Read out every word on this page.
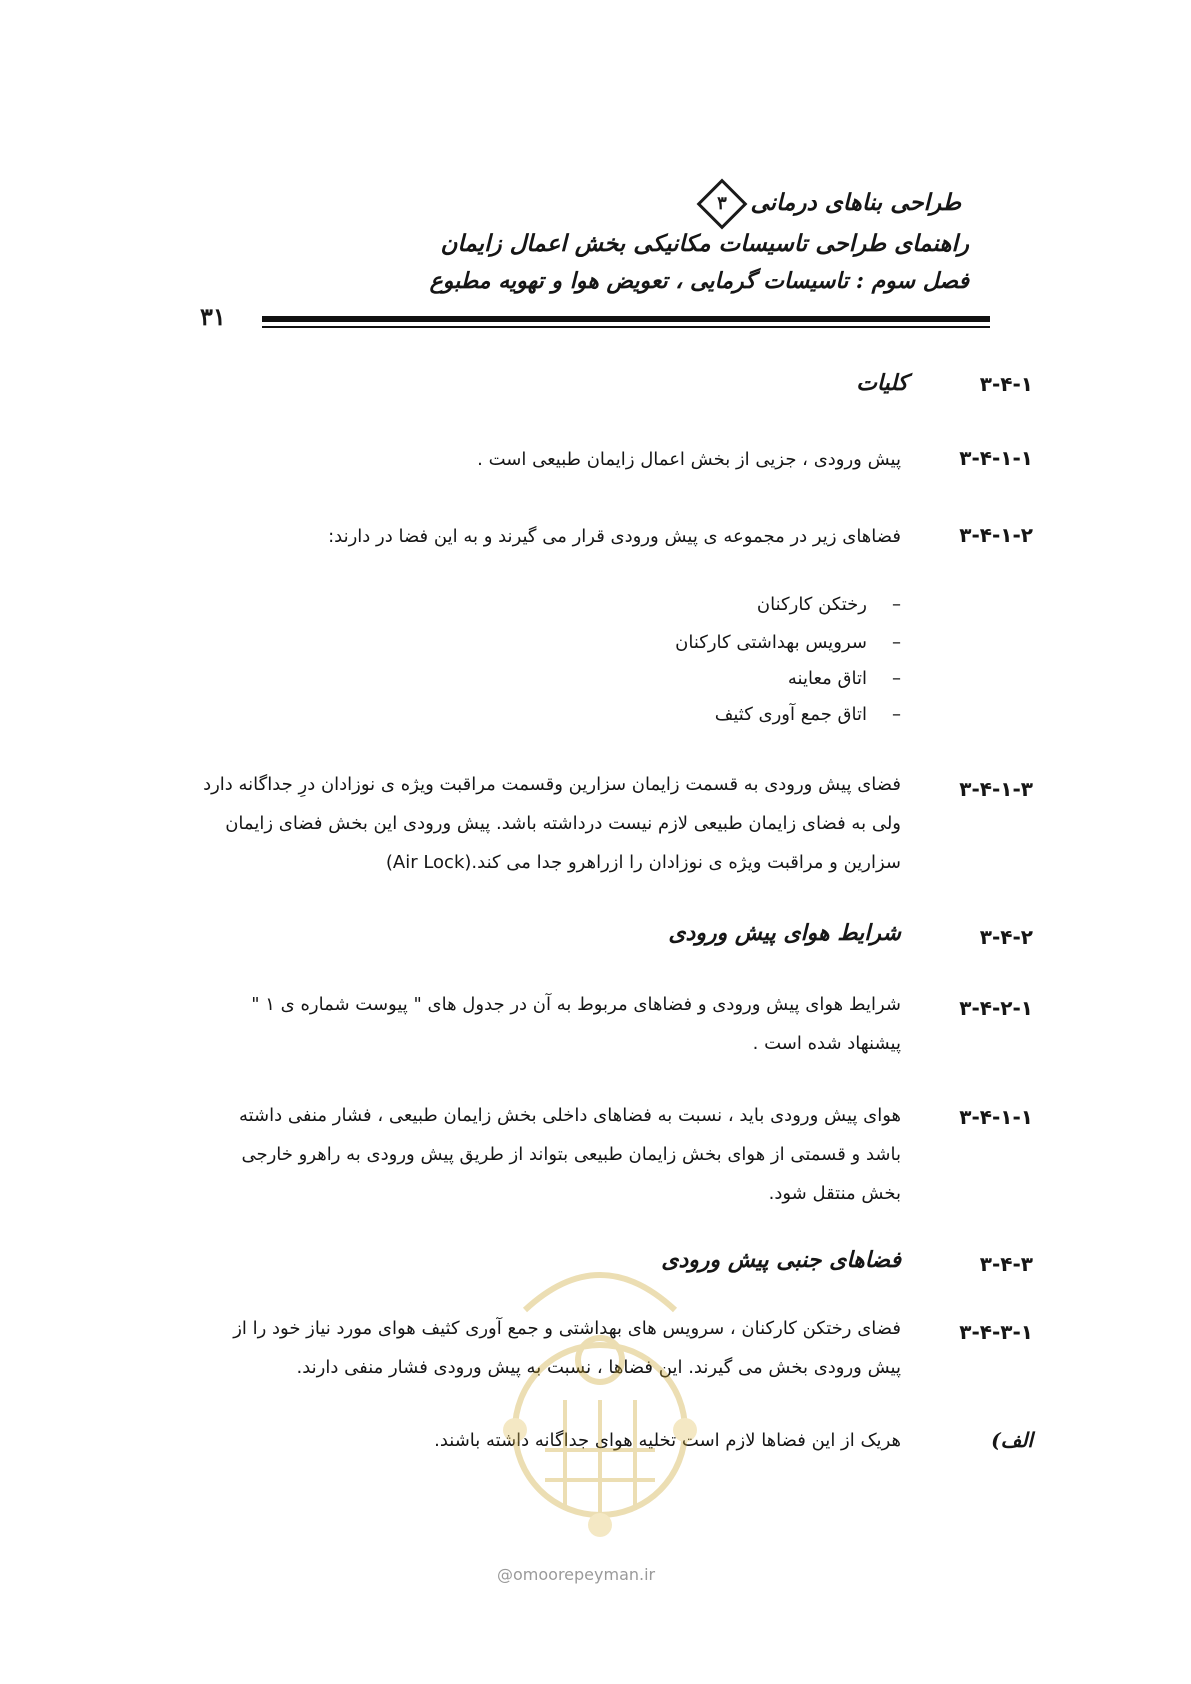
طراحی بناهای درمانی
۳
راهنمای طراحی تاسیسات مکانیکی بخش اعمال زایمان
فصل سوم : تاسیسات گرمایی ، تعویض هوا و تهویه مطبوع
۳۱
۳-۴-۱
کلیات
۳-۴-۱-۱
پیش ورودی ، جزیی از بخش اعمال زایمان طبیعی است .
۳-۴-۱-۲
فضاهای زیر در مجموعه ی پیش ورودی قرار می گیرند و به این فضا در دارند:
–رختکن کارکنان
–سرویس بهداشتی کارکنان
–اتاق معاینه
–اتاق جمع آوری کثیف
۳-۴-۱-۳
فضای پیش ورودی به قسمت زایمان سزارین وقسمت مراقبت ویژه ی نوزادان درِ جداگانه دارد ولی به فضای زایمان طبیعی لازم نیست درداشته باشد. پیش ورودی این بخش فضای زایمان سزارین و مراقبت ویژه ی نوزادان را ازراهرو جدا می کند.(Air Lock)
۳-۴-۲
شرایط هوای پیش ورودی
۳-۴-۲-۱
شرایط هوای پیش ورودی و فضاهای مربوط به آن در جدول های " پیوست شماره ی ۱ " پیشنهاد شده است .
۳-۴-۱-۱
هوای پیش ورودی باید ، نسبت به فضاهای داخلی بخش زایمان طبیعی ، فشار منفی داشته باشد و قسمتی از هوای بخش زایمان طبیعی بتواند از طریق پیش ورودی به راهرو خارجی بخش منتقل شود.
۳-۴-۳
فضاهای جنبی پیش ورودی
۳-۴-۳-۱
فضای رختکن کارکنان ، سرویس های بهداشتی و جمع آوری کثیف هوای مورد نیاز خود را از پیش ورودی بخش می گیرند. این فضاها ، نسبت به پیش ورودی فشار منفی دارند.
الف)
هریک از این فضاها لازم است تخلیه هوای جداگانه داشته باشند.
@omoorepeyman.ir
